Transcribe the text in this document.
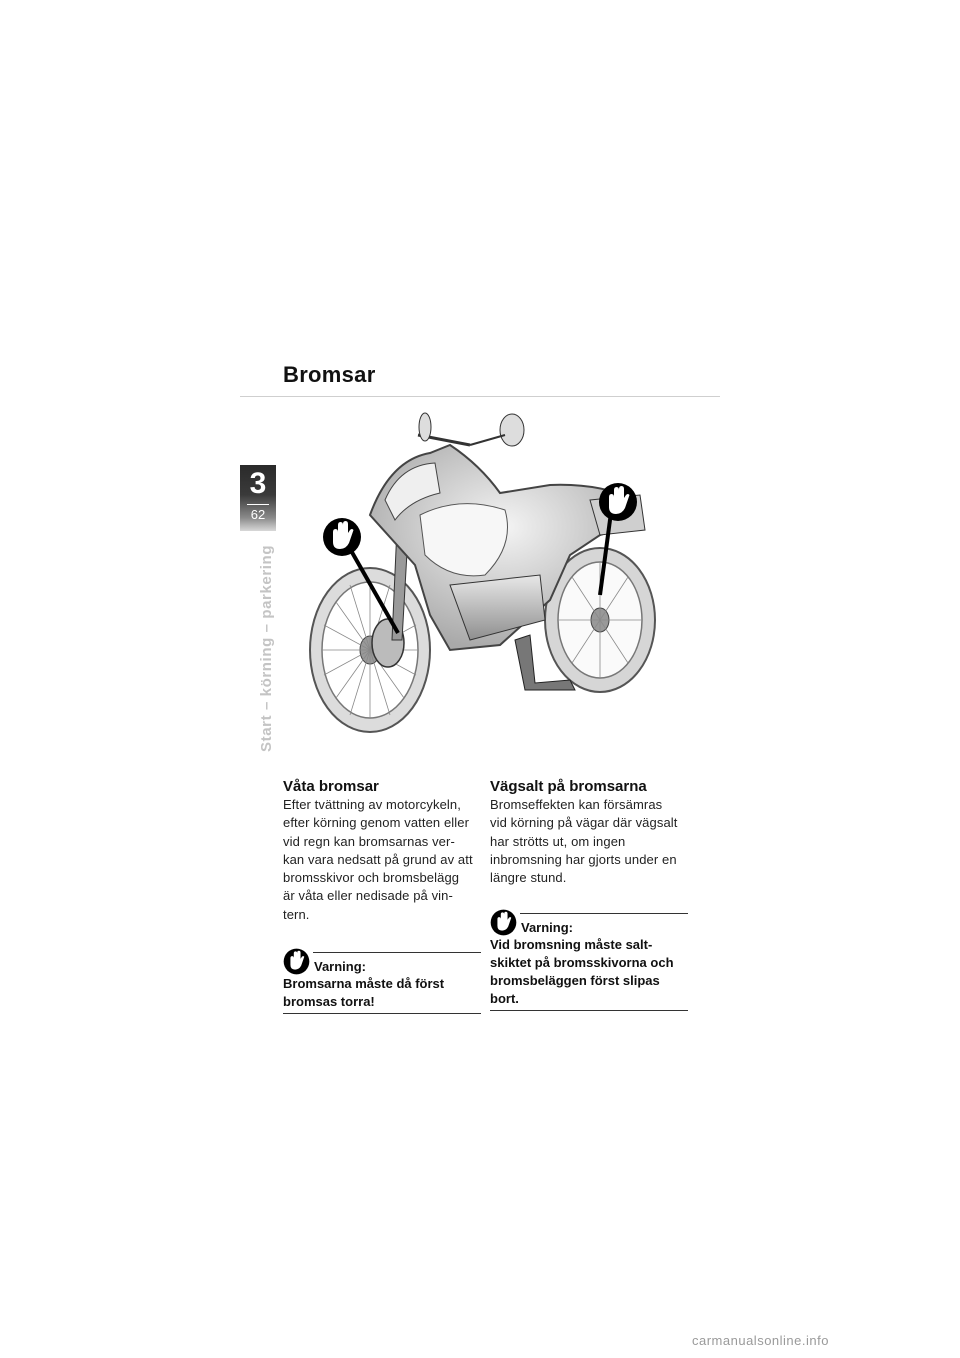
Bromsar
3
62
Start – körning – parkering

Våta bromsar

Efter tvättning av motorcykeln,
efter körning genom vatten eller
vid regn kan bromsarnas ver-
kan vara nedsatt på grund av att
bromsskivor och bromsbelägg
är våta eller nedisade på vin-
tern.

Varning:

Bromsarna måste då först
bromsas torra!

Vägsalt på bromsarna

Bromseffekten kan försämras
vid körning på vägar där vägsalt
har strötts ut, om ingen
inbromsning har gjorts under en
längre stund.

Varning:

Vid bromsning måste salt-
skiktet på bromsskivorna och
bromsbeläggen först slipas
bort.

carmanualsonline.info
